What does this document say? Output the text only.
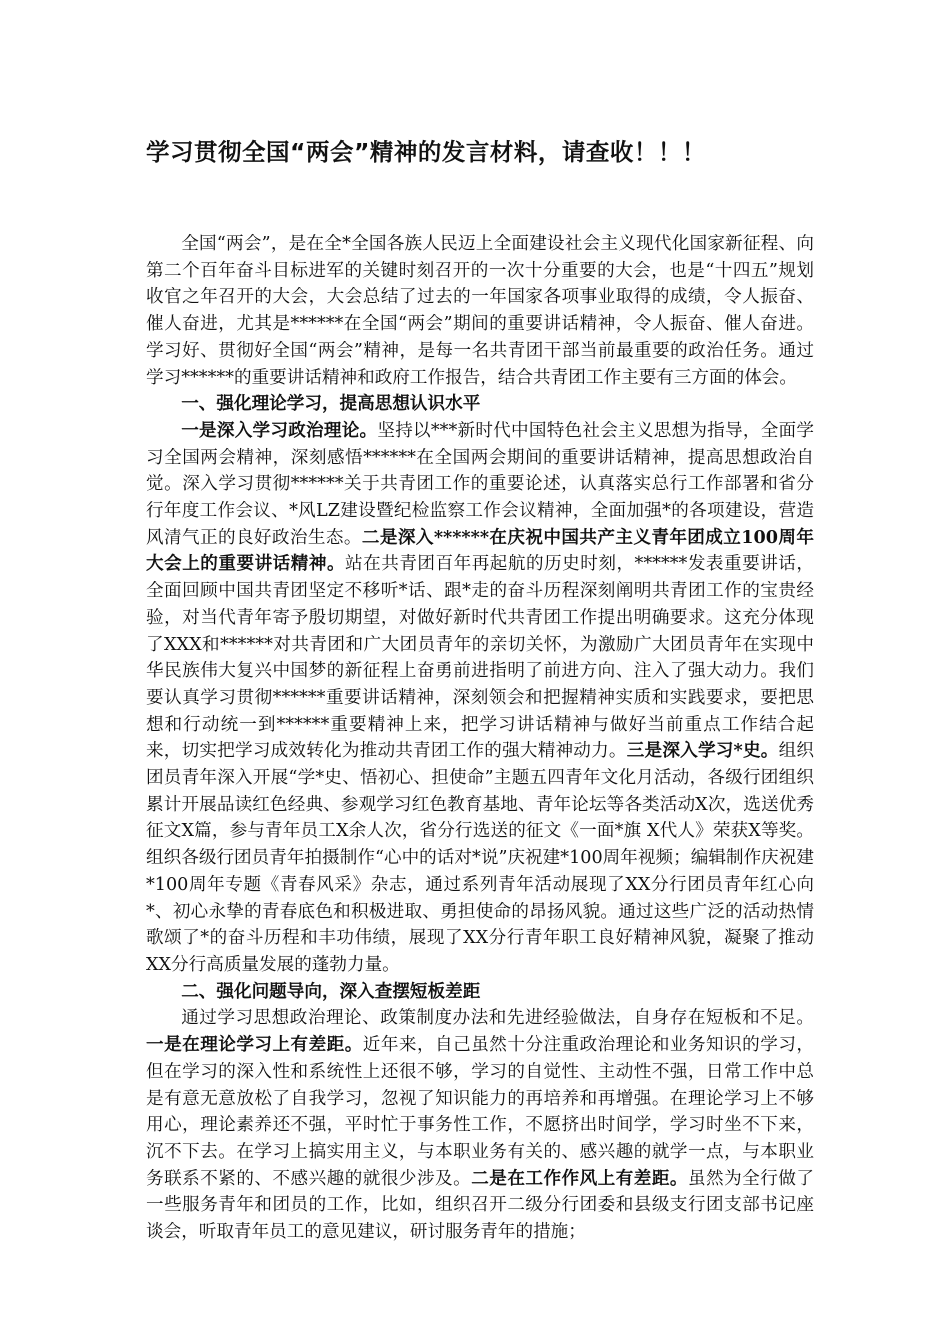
学习贯彻全国“两会”精神的发言材料，请查收！！！

全国“两会”，是在全*全国各族人民迈上全面建设社会主义现代化国家新征程、向第二个百年奋斗目标进军的关键时刻召开的一次十分重要的大会，也是“十四五”规划收官之年召开的大会，大会总结了过去的一年国家各项事业取得的成绩，令人振奋、催人奋进，尤其是******在全国“两会”期间的重要讲话精神，令人振奋、催人奋进。学习好、贯彻好全国“两会”精神，是每一名共青团干部当前最重要的政治任务。通过学习******的重要讲话精神和政府工作报告，结合共青团工作主要有三方面的体会。

一、强化理论学习，提高思想认识水平

一是深入学习政治理论。坚持以***新时代中国特色社会主义思想为指导，全面学习全国两会精神，深刻感悟******在全国两会期间的重要讲话精神，提高思想政治自觉。深入学习贯彻******关于共青团工作的重要论述，认真落实总行工作部署和省分行年度工作会议、*风LZ建设暨纪检监察工作会议精神，全面加强*的各项建设，营造风清气正的良好政治生态。二是深入******在庆祝中国共产主义青年团成立100周年大会上的重要讲话精神。站在共青团百年再起航的历史时刻，******发表重要讲话，全面回顾中国共青团坚定不移听*话、跟*走的奋斗历程深刻阐明共青团工作的宝贵经验，对当代青年寄予殷切期望，对做好新时代共青团工作提出明确要求。这充分体现了XXX和******对共青团和广大团员青年的亲切关怀，为激励广大团员青年在实现中华民族伟大复兴中国梦的新征程上奋勇前进指明了前进方向、注入了强大动力。我们要认真学习贯彻******重要讲话精神，深刻领会和把握精神实质和实践要求，要把思想和行动统一到******重要精神上来，把学习讲话精神与做好当前重点工作结合起来，切实把学习成效转化为推动共青团工作的强大精神动力。三是深入学习*史。组织团员青年深入开展“学*史、悟初心、担使命”主题五四青年文化月活动，各级行团组织累计开展品读红色经典、参观学习红色教育基地、青年论坛等各类活动X次，选送优秀征文X篇，参与青年员工X余人次，省分行选送的征文《一面*旗 X代人》荣获X等奖。组织各级行团员青年拍摄制作“心中的话对*说”庆祝建*100周年视频；编辑制作庆祝建*100周年专题《青春风采》杂志，通过系列青年活动展现了XX分行团员青年红心向*、初心永挚的青春底色和积极进取、勇担使命的昂扬风貌。通过这些广泛的活动热情歌颂了*的奋斗历程和丰功伟绩，展现了XX分行青年职工良好精神风貌，凝聚了推动XX分行高质量发展的蓬勃力量。

二、强化问题导向，深入查摆短板差距

通过学习思想政治理论、政策制度办法和先进经验做法，自身存在短板和不足。一是在理论学习上有差距。近年来，自己虽然十分注重政治理论和业务知识的学习，但在学习的深入性和系统性上还很不够，学习的自觉性、主动性不强，日常工作中总是有意无意放松了自我学习，忽视了知识能力的再培养和再增强。在理论学习上不够用心，理论素养还不强，平时忙于事务性工作，不愿挤出时间学，学习时坐不下来，沉不下去。在学习上搞实用主义，与本职业务有关的、感兴趣的就学一点，与本职业务联系不紧的、不感兴趣的就很少涉及。二是在工作作风上有差距。虽然为全行做了一些服务青年和团员的工作，比如，组织召开二级分行团委和县级支行团支部书记座谈会，听取青年员工的意见建议，研讨服务青年的措施；
